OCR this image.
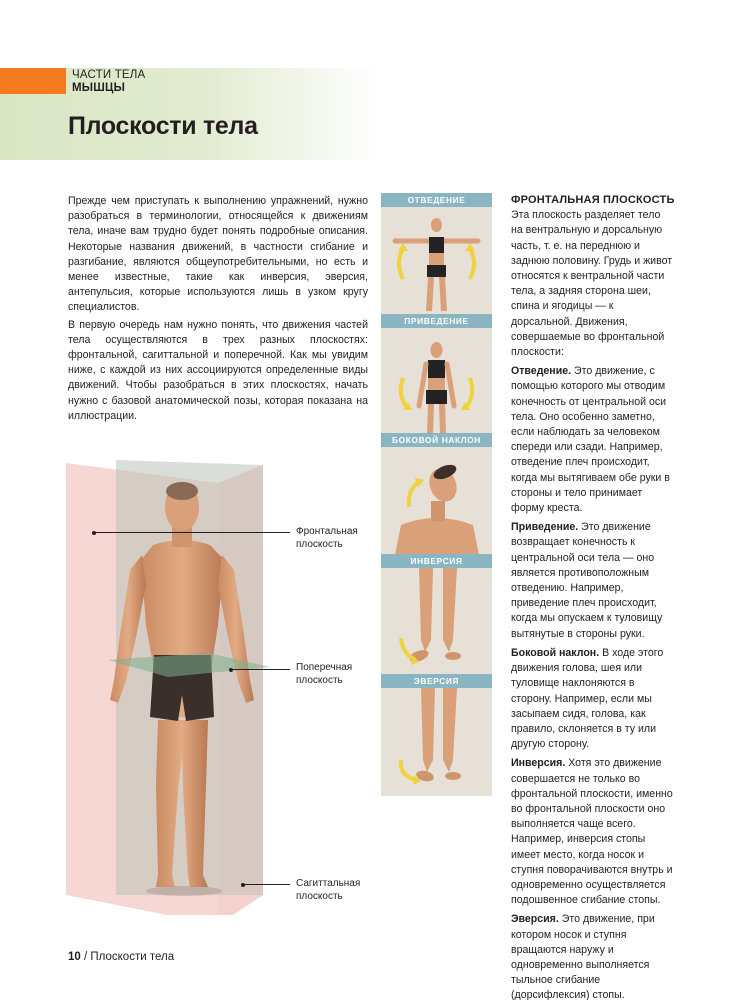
ЧАСТИ ТЕЛА
МЫШЦЫ
Плоскости тела

Прежде чем приступать к выполнению упражнений, нужно разобраться в терминологии, относящейся к движениям тела, иначе вам трудно будет понять подробные описания. Некоторые названия движений, в частности сгибание и разгибание, являются общеупотребительными, но есть и менее известные, такие как инверсия, эверсия, антепульсия, которые используются лишь в узком кругу специалистов.

В первую очередь нам нужно понять, что движения частей тела осуществляются в трех разных плоскостях: фронтальной, сагиттальной и поперечной. Как мы увидим ниже, с каждой из них ассоциируются определенные виды движений. Чтобы разобраться в этих плоскостях, начать нужно с базовой анатомической позы, которая показана на иллюстрации.

Фронтальная
плоскость
Поперечная
плоскость
Сагиттальная
плоскость
ОТВЕДЕНИЕ
ПРИВЕДЕНИЕ
БОКОВОЙ НАКЛОН
ИНВЕРСИЯ
ЭВЕРСИЯ
ФРОНТАЛЬНАЯ ПЛОСКОСТЬ

Эта плоскость разделяет тело на вентральную и дорсальную часть, т. е. на переднюю и заднюю половину. Грудь и живот относятся к вентральной части тела, а задняя сторона шеи, спина и ягодицы — к дорсальной. Движения, совершаемые во фронтальной плоскости:

Отведение. Это движение, с помощью которого мы отводим конечность от центральной оси тела. Оно особенно заметно, если наблюдать за человеком спереди или сзади. Например, отведение плеч происходит, когда мы вытягиваем обе руки в стороны и тело принимает форму креста.

Приведение. Это движение возвращает конечность к центральной оси тела — оно является противоположным отведению. Например, приведение плеч происходит, когда мы опускаем к туловищу вытянутые в стороны руки.

Боковой наклон. В ходе этого движения голова, шея или туловище наклоняются в сторону. Например, если мы засыпаем сидя, голова, как правило, склоняется в ту или другую сторону.

Инверсия. Хотя это движение совершается не только во фронтальной плоскости, именно во фронтальной плоскости оно выполняется чаще всего. Например, инверсия стопы имеет место, когда носок и ступня поворачиваются внутрь и одновременно осуществляется подошвенное сгибание стопы.

Эверсия. Это движение, при котором носок и ступня вращаются наружу и одновременно выполняется тыльное сгибание (дорсифлексия) стопы.

10 / Плоскости тела
